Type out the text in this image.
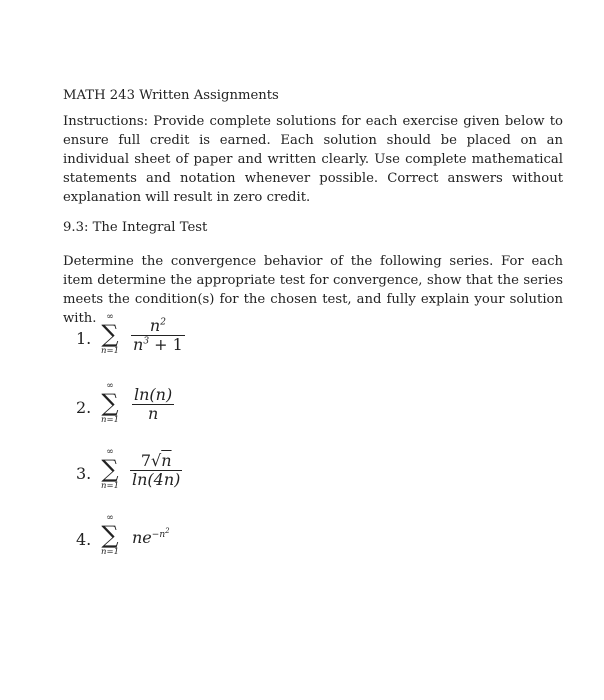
MATH 243 Written Assignments

Instructions: Provide complete solutions for each exercise given below to ensure full credit is earned. Each solution should be placed on an individual sheet of paper and written clearly. Use complete mathematical statements and notation whenever possible. Correct answers without explanation will result in zero credit.

9.3: The Integral Test

Determine the convergence behavior of the following series. For each item determine the appropriate test for convergence, show that the series meets the condition(s) for the chosen test, and fully explain your solution with.

1.
∞
∑
$n=1 \frac{n^2}{n^3 + 1}$
2.
∞
∑
$n=1 \frac{\ln(n)}{n}$
3.
∞
∑
$n=1 \frac{7√n}{\ln(4n)}$
4.
∞
∑
n=1
$ne^{-n^2}$
